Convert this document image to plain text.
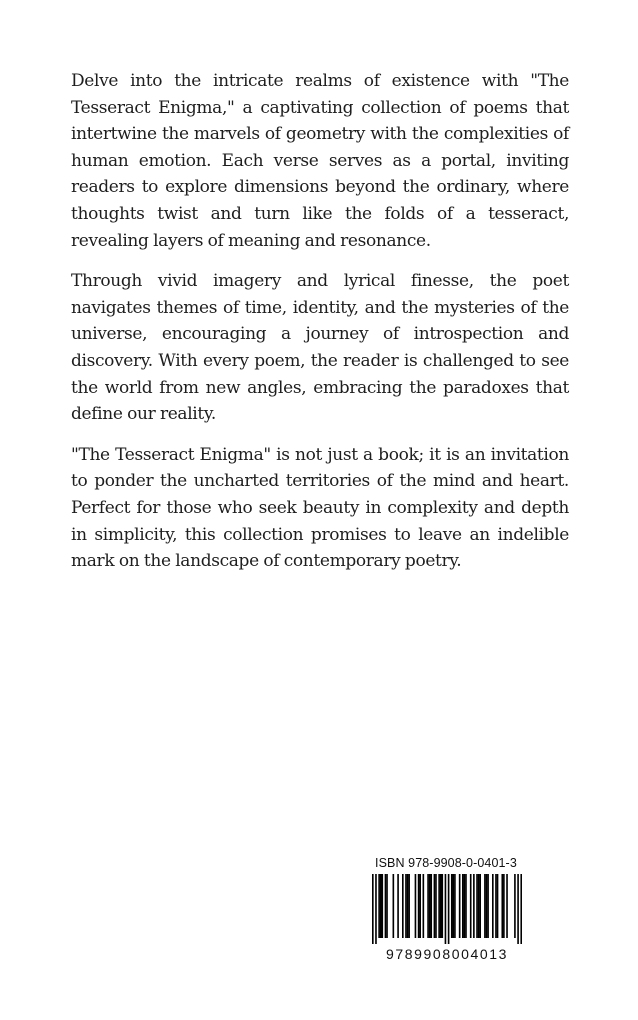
Delve into the intricate realms of existence with "The Tesseract Enigma," a captivating collection of poems that intertwine the marvels of geometry with the complexities of human emotion. Each verse serves as a portal, inviting readers to explore dimensions beyond the ordinary, where thoughts twist and turn like the folds of a tesseract, revealing layers of meaning and resonance.

Through vivid imagery and lyrical finesse, the poet navigates themes of time, identity, and the mysteries of the universe, encouraging a journey of introspection and discovery. With every poem, the reader is challenged to see the world from new angles, embracing the paradoxes that define our reality.

"The Tesseract Enigma" is not just a book; it is an invitation to ponder the uncharted territories of the mind and heart. Perfect for those who seek beauty in complexity and depth in simplicity, this collection promises to leave an indelible mark on the landscape of contemporary poetry.

ISBN 978-9908-0-0401-3
9789908004013
